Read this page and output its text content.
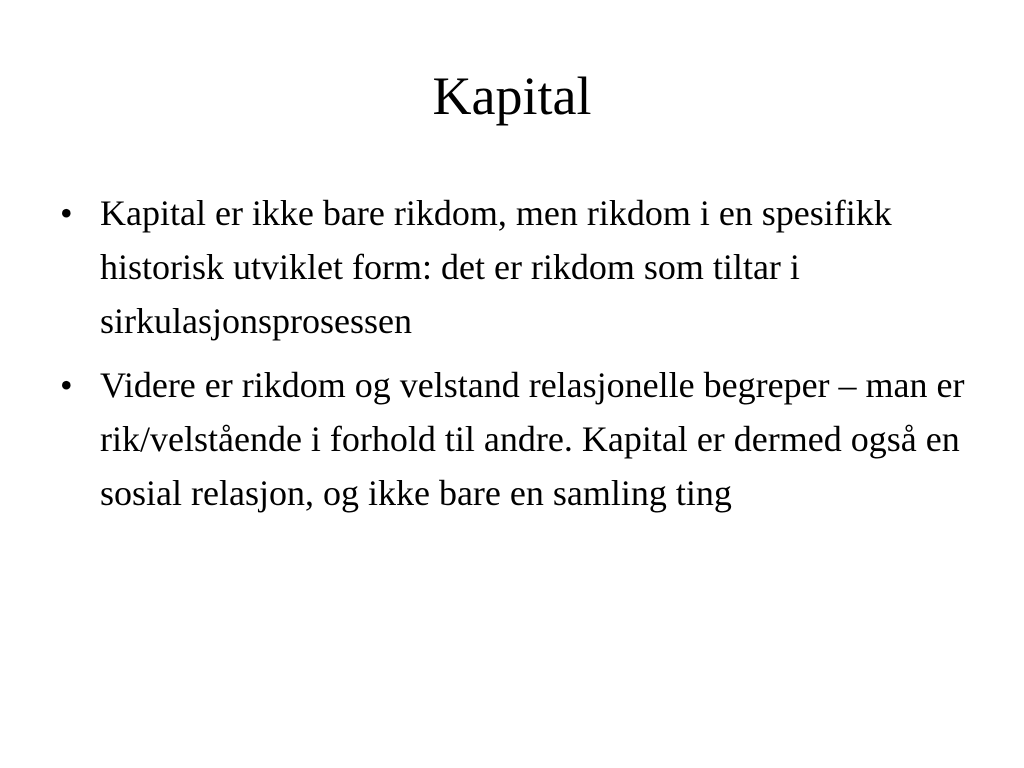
Kapital
• Kapital er ikke bare rikdom, men rikdom i en spesifikk historisk utviklet form: det er rikdom som tiltar i sirkulasjonsprosessen
• Videre er rikdom og velstand relasjonelle begreper – man er rik/velstående i forhold til andre. Kapital er dermed også en sosial relasjon, og ikke bare en samling ting
